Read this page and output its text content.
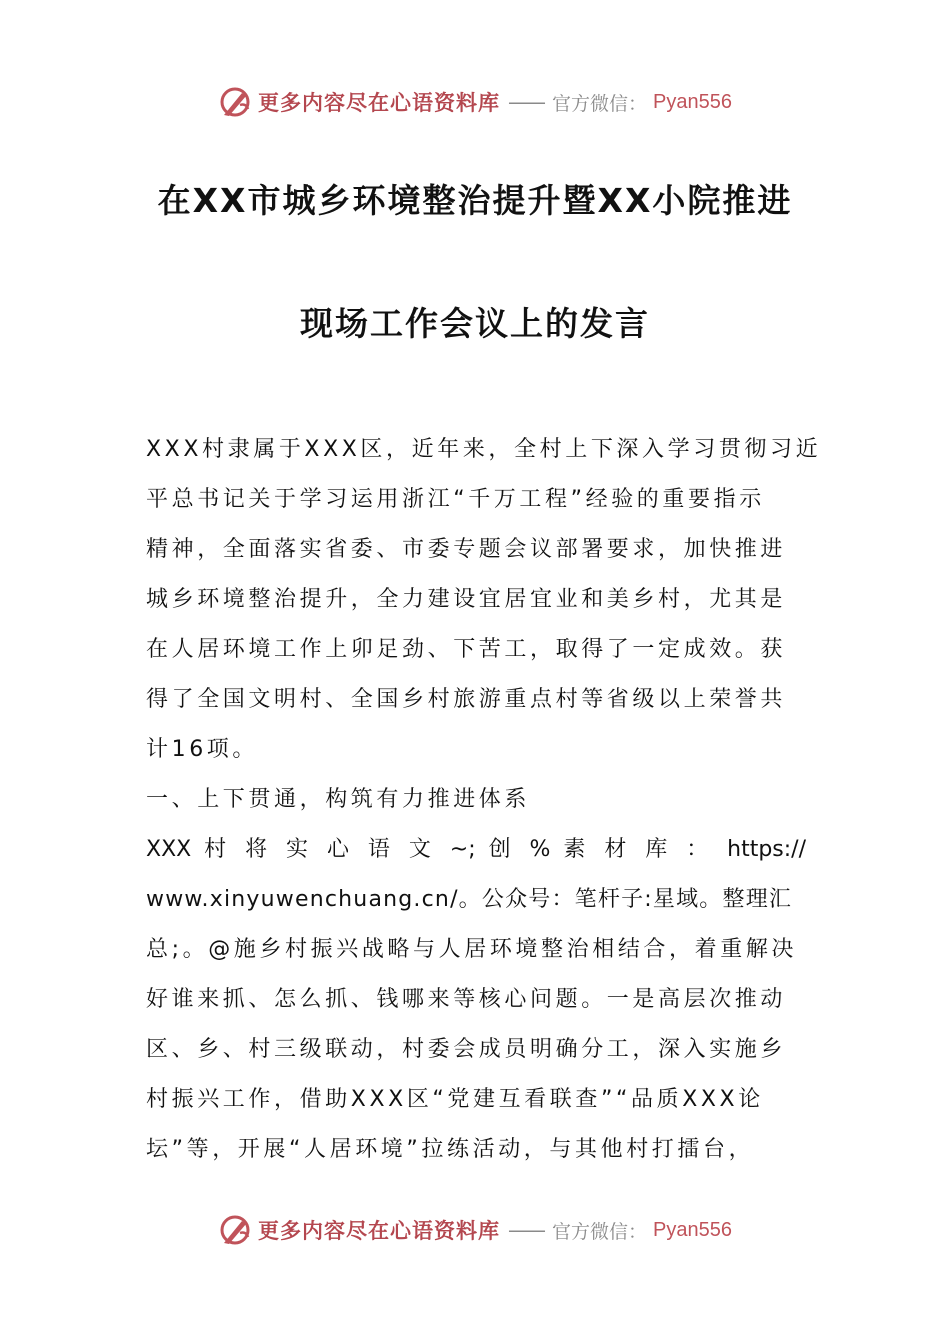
更多内容尽在心语资料库 —— 官方微信： Pyan556
在XX市城乡环境整治提升暨XX小院推进
现场工作会议上的发言
XXX村隶属于XXX区，近年来，全村上下深入学习贯彻习近
平总书记关于学习运用浙江“千万工程”经验的重要指示
精神，全面落实省委、市委专题会议部署要求，加快推进
城乡环境整治提升，全力建设宜居宜业和美乡村，尤其是
在人居环境工作上卯足劲、下苦工，取得了一定成效。获
得了全国文明村、全国乡村旅游重点村等省级以上荣誉共
计16项。
一、上下贯通，构筑有力推进体系
XXX 村 将 实 心 语 文 ~; 创 % 素 材 库 ： https://
www.xinyuwenchuang.cn/。公众号：笔杆子:星域。整理汇
总;。@施乡村振兴战略与人居环境整治相结合，着重解决
好谁来抓、怎么抓、钱哪来等核心问题。一是高层次推动
区、乡、村三级联动，村委会成员明确分工，深入实施乡
村振兴工作，借助XXX区“党建互看联查”“品质XXX论
坛”等，开展“人居环境”拉练活动，与其他村打擂台，
更多内容尽在心语资料库 —— 官方微信： Pyan556
